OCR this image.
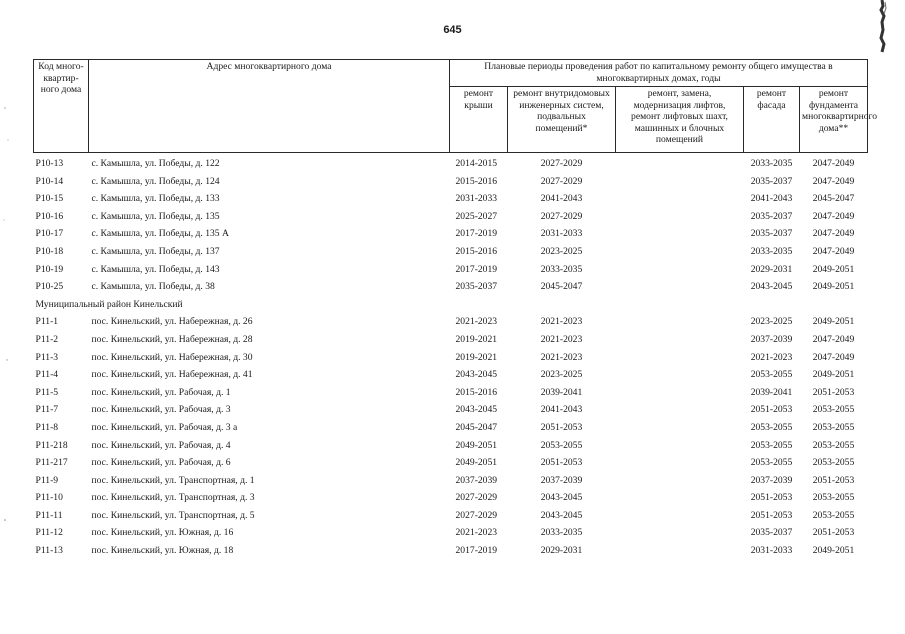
645
Код много-квартир-ного дома	Адрес многоквартирного дома	Плановые периоды проведения работ по капитальному ремонту общего имущества в многоквартирных домах, годы				
		ремонт крыши	ремонт внутридомовых инженерных систем, подвальных помещений*	ремонт, замена, модернизация лифтов, ремонт лифтовых шахт, машинных и блочных помещений	ремонт фасада	ремонт фундамента многоквартирного дома**
Р10-13	с. Камышла, ул. Победы, д. 122	2014-2015	2027-2029		2033-2035	2047-2049
Р10-14	с. Камышла, ул. Победы, д. 124	2015-2016	2027-2029		2035-2037	2047-2049
Р10-15	с. Камышла, ул. Победы, д. 133	2031-2033	2041-2043		2041-2043	2045-2047
Р10-16	с. Камышла, ул. Победы, д. 135	2025-2027	2027-2029		2035-2037	2047-2049
Р10-17	с. Камышла, ул. Победы, д. 135 А	2017-2019	2031-2033		2035-2037	2047-2049
Р10-18	с. Камышла, ул. Победы, д. 137	2015-2016	2023-2025		2033-2035	2047-2049
Р10-19	с. Камышла, ул. Победы, д. 143	2017-2019	2033-2035		2029-2031	2049-2051
Р10-25	с. Камышла, ул. Победы, д. 38	2035-2037	2045-2047		2043-2045	2049-2051
Муниципальный район Кинельский						
Р11-1	пос. Кинельский, ул. Набережная, д. 26	2021-2023	2021-2023		2023-2025	2049-2051
Р11-2	пос. Кинельский, ул. Набережная, д. 28	2019-2021	2021-2023		2037-2039	2047-2049
Р11-3	пос. Кинельский, ул. Набережная, д. 30	2019-2021	2021-2023		2021-2023	2047-2049
Р11-4	пос. Кинельский, ул. Набережная, д. 41	2043-2045	2023-2025		2053-2055	2049-2051
Р11-5	пос. Кинельский, ул. Рабочая, д. 1	2015-2016	2039-2041		2039-2041	2051-2053
Р11-7	пос. Кинельский, ул. Рабочая, д. 3	2043-2045	2041-2043		2051-2053	2053-2055
Р11-8	пос. Кинельский, ул. Рабочая, д. 3 а	2045-2047	2051-2053		2053-2055	2053-2055
Р11-218	пос. Кинельский, ул. Рабочая, д. 4	2049-2051	2053-2055		2053-2055	2053-2055
Р11-217	пос. Кинельский, ул. Рабочая, д. 6	2049-2051	2051-2053		2053-2055	2053-2055
Р11-9	пос. Кинельский, ул. Транспортная, д. 1	2037-2039	2037-2039		2037-2039	2051-2053
Р11-10	пос. Кинельский, ул. Транспортная, д. 3	2027-2029	2043-2045		2051-2053	2053-2055
Р11-11	пос. Кинельский, ул. Транспортная, д. 5	2027-2029	2043-2045		2051-2053	2053-2055
Р11-12	пос. Кинельский, ул. Южная, д. 16	2021-2023	2033-2035		2035-2037	2051-2053
Р11-13	пос. Кинельский, ул. Южная, д. 18	2017-2019	2029-2031		2031-2033	2049-2051
